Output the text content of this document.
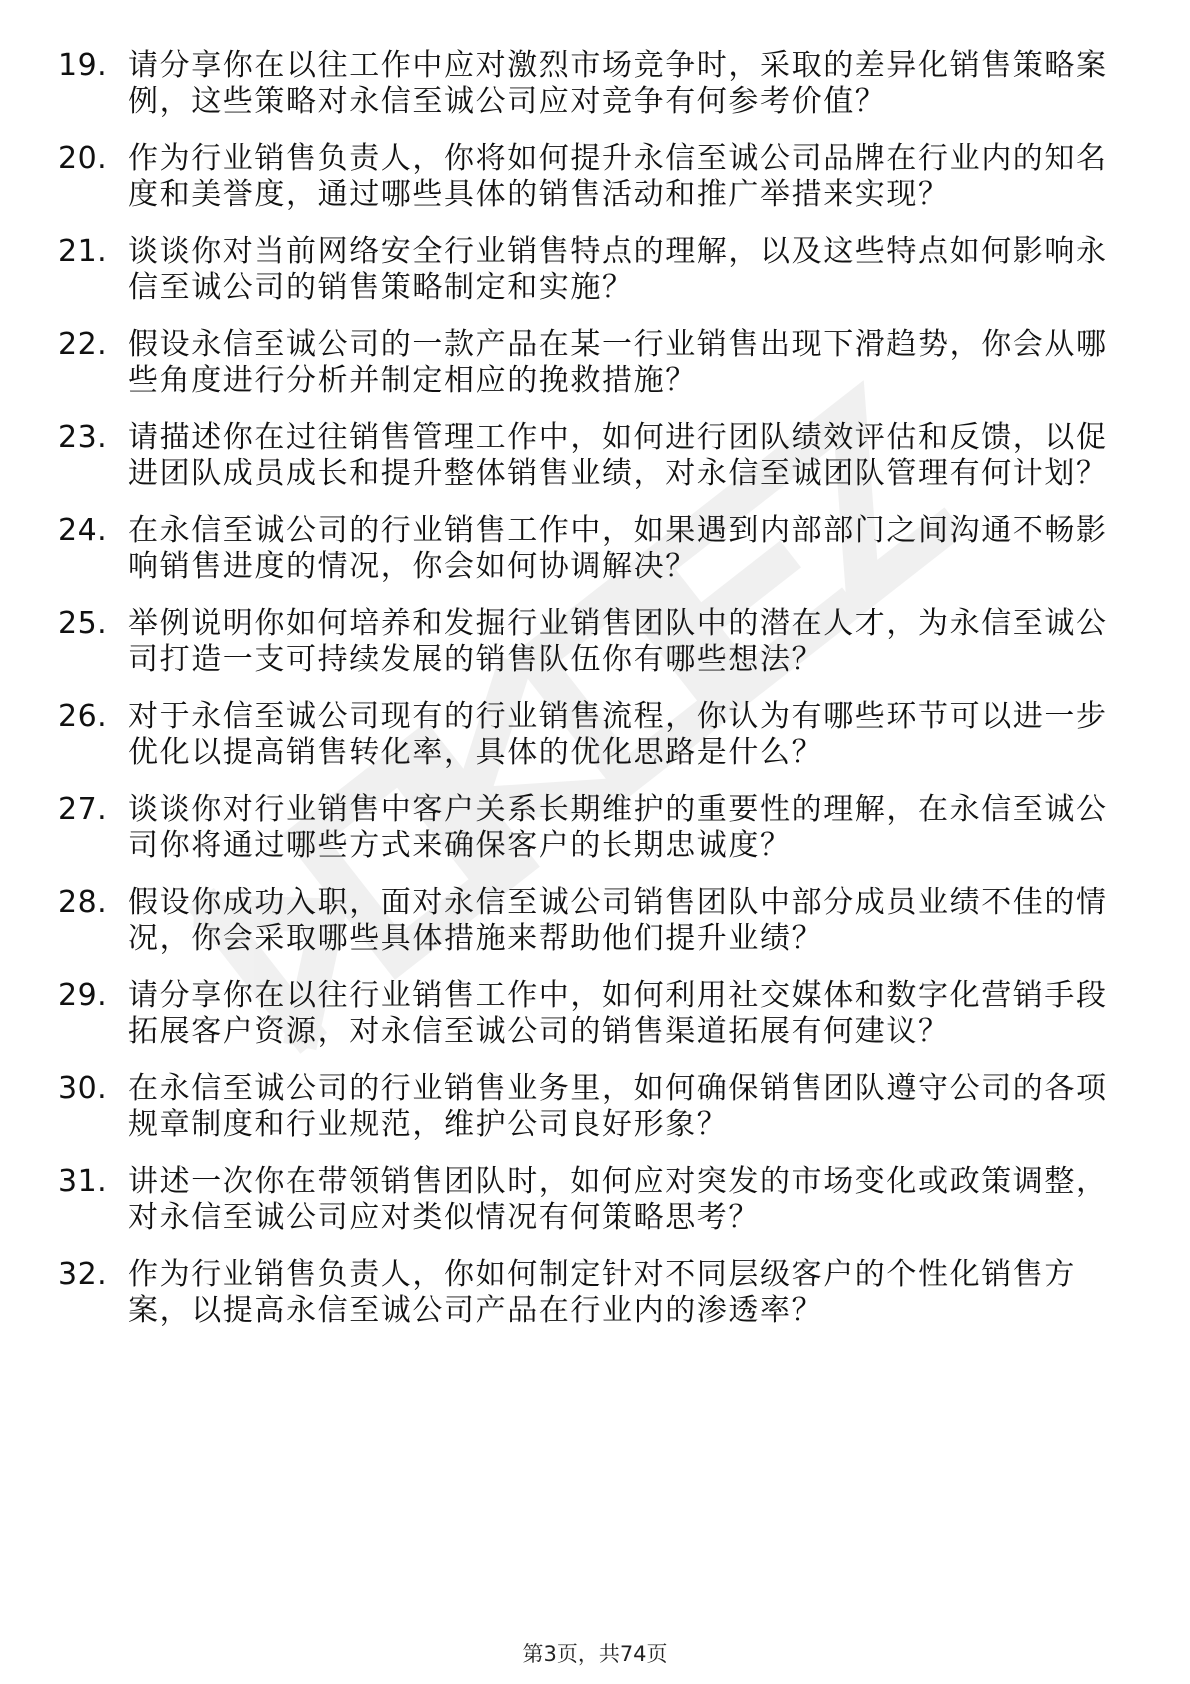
19. 请分享你在以往工作中应对激烈市场竞争时，采取的差异化销售策略案例，这些策略对永信至诚公司应对竞争有何参考价值？
20. 作为行业销售负责人，你将如何提升永信至诚公司品牌在行业内的知名度和美誉度，通过哪些具体的销售活动和推广举措来实现？
21. 谈谈你对当前网络安全行业销售特点的理解，以及这些特点如何影响永信至诚公司的销售策略制定和实施？
22. 假设永信至诚公司的一款产品在某一行业销售出现下滑趋势，你会从哪些角度进行分析并制定相应的挽救措施？
23. 请描述你在过往销售管理工作中，如何进行团队绩效评估和反馈，以促进团队成员成长和提升整体销售业绩，对永信至诚团队管理有何计划？
24. 在永信至诚公司的行业销售工作中，如果遇到内部部门之间沟通不畅影响销售进度的情况，你会如何协调解决？
25. 举例说明你如何培养和发掘行业销售团队中的潜在人才，为永信至诚公司打造一支可持续发展的销售队伍你有哪些想法？
26. 对于永信至诚公司现有的行业销售流程，你认为有哪些环节可以进一步优化以提高销售转化率，具体的优化思路是什么？
27. 谈谈你对行业销售中客户关系长期维护的重要性的理解，在永信至诚公司你将通过哪些方式来确保客户的长期忠诚度？
28. 假设你成功入职，面对永信至诚公司销售团队中部分成员业绩不佳的情况，你会采取哪些具体措施来帮助他们提升业绩？
29. 请分享你在以往行业销售工作中，如何利用社交媒体和数字化营销手段拓展客户资源，对永信至诚公司的销售渠道拓展有何建议？
30. 在永信至诚公司的行业销售业务里，如何确保销售团队遵守公司的各项规章制度和行业规范，维护公司良好形象？
31. 讲述一次你在带领销售团队时，如何应对突发的市场变化或政策调整，对永信至诚公司应对类似情况有何策略思考？
32. 作为行业销售负责人，你如何制定针对不同层级客户的个性化销售方案，以提高永信至诚公司产品在行业内的渗透率？
第3页，共74页
